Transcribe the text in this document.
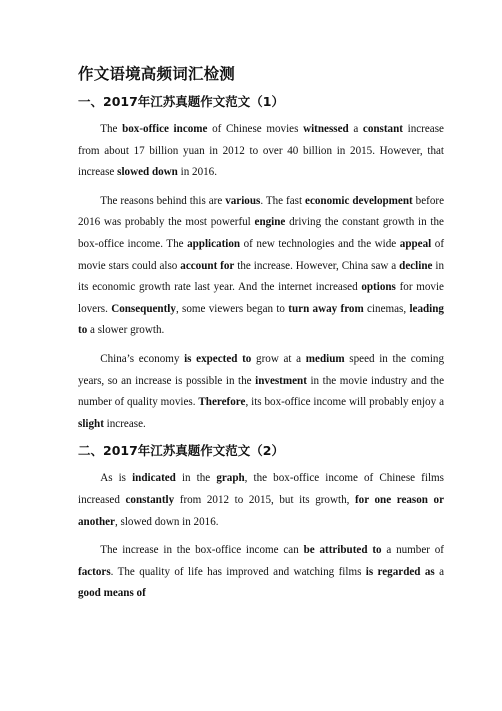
作文语境高频词汇检测
一、2017年江苏真题作文范文（1）

The box-office income of Chinese movies witnessed a constant increase from about 17 billion yuan in 2012 to over 40 billion in 2015. However, that increase slowed down in 2016.

The reasons behind this are various. The fast economic development before 2016 was probably the most powerful engine driving the constant growth in the box-office income. The application of new technologies and the wide appeal of movie stars could also account for the increase. However, China saw a decline in its economic growth rate last year. And the internet increased options for movie lovers. Consequently, some viewers began to turn away from cinemas, leading to a slower growth.

China’s economy is expected to grow at a medium speed in the coming years, so an increase is possible in the investment in the movie industry and the number of quality movies. Therefore, its box-office income will probably enjoy a slight increase.

二、2017年江苏真题作文范文（2）

As is indicated in the graph, the box-office income of Chinese films increased constantly from 2012 to 2015, but its growth, for one reason or another, slowed down in 2016.

The increase in the box-office income can be attributed to a number of factors. The quality of life has improved and watching films is regarded as a good means of
